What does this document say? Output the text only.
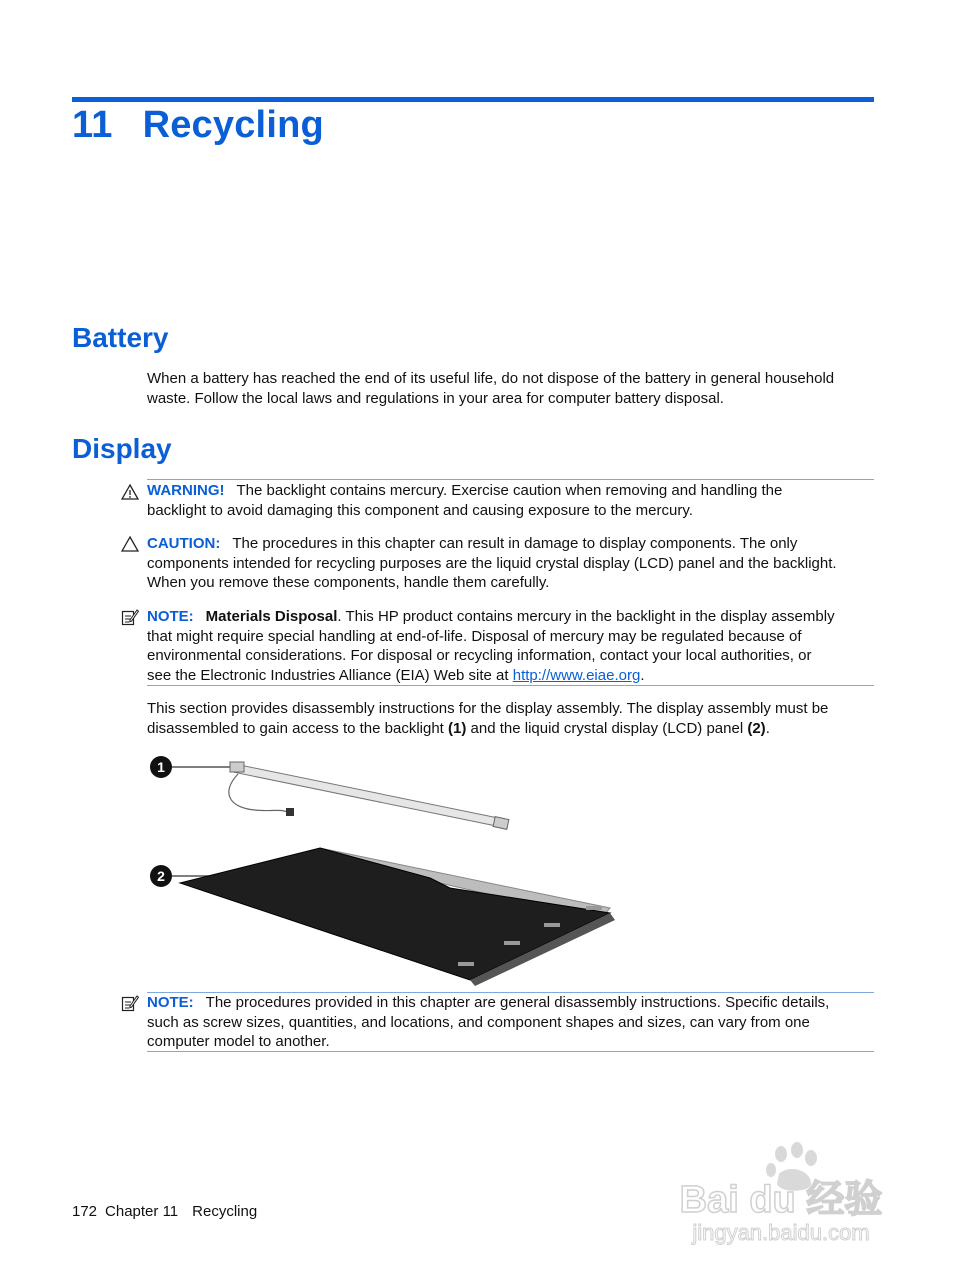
11 Recycling
Battery
When a battery has reached the end of its useful life, do not dispose of the battery in general household
waste. Follow the local laws and regulations in your area for computer battery disposal.
Display
WARNING! The backlight contains mercury. Exercise caution when removing and handling the
backlight to avoid damaging this component and causing exposure to the mercury.
CAUTION: The procedures in this chapter can result in damage to display components. The only
components intended for recycling purposes are the liquid crystal display (LCD) panel and the backlight.
When you remove these components, handle them carefully.
NOTE: Materials Disposal. This HP product contains mercury in the backlight in the display assembly
that might require special handling at end-of-life. Disposal of mercury may be regulated because of
environmental considerations. For disposal or recycling information, contact your local authorities, or
see the Electronic Industries Alliance (EIA) Web site at http://www.eiae.org.
This section provides disassembly instructions for the display assembly. The display assembly must be
disassembled to gain access to the backlight (1) and the liquid crystal display (LCD) panel (2).
1
2
NOTE: The procedures provided in this chapter are general disassembly instructions. Specific details,
such as screw sizes, quantities, and locations, and component shapes and sizes, can vary from one
computer model to another.
172 Chapter 11 Recycling	Bai du 经验
jingyan.baidu.com
